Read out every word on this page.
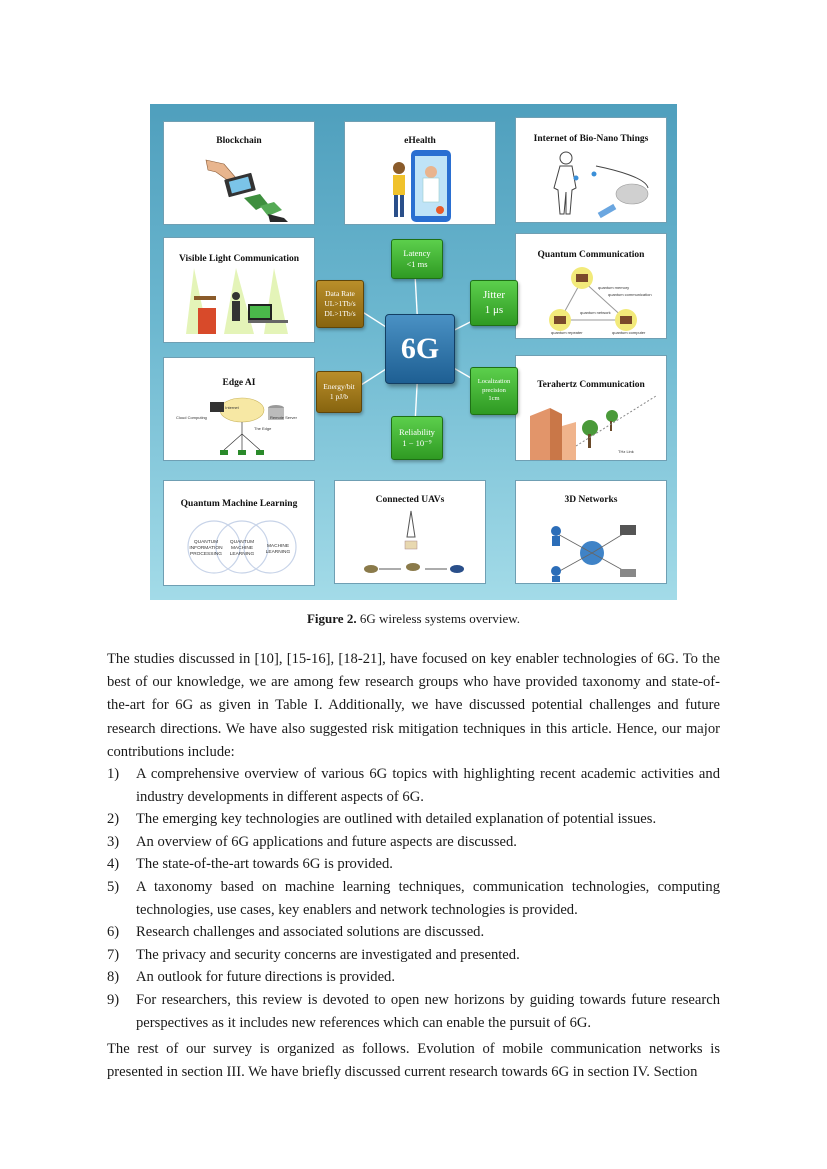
Blockchain	eHealth	Internet of Bio-Nano Things
Visible Light Communication	Quantum Communication
Edge AI	Terahertz Communication
Quantum Machine Learning
QUANTUM
INFORMATION
PROCESSING
QUANTUM
MACHINE
LEARNING
MACHINE
LEARNING
Connected UAVs	3D Networks
6G
Latency
<1 ms
Jitter
1 μs
Localization
precision
1cm
Reliability
1 − 10⁻⁹
Energy/bit
1 pJ/b
Data Rate
UL>1Tb/s
DL>1Tb/s
The Internet
Cloud Computing	Remote Server
The Edge
quantum memory
quantum communication
quantum network
quantum repeater	quantum computer
THz Link
Figure 2. 6G wireless systems overview.

The studies discussed in [10], [15-16], [18-21], have focused on key enabler technologies of 6G. To the best of our knowledge, we are among few research groups who have provided taxonomy and state-of-the-art for 6G as given in Table I. Additionally, we have discussed potential challenges and future research directions. We have also suggested risk mitigation techniques in this article. Hence, our major contributions include:

1) A comprehensive overview of various 6G topics with highlighting recent academic activities and industry developments in different aspects of 6G.
2) The emerging key technologies are outlined with detailed explanation of potential issues.
3) An overview of 6G applications and future aspects are discussed.
4) The state-of-the-art towards 6G is provided.
5) A taxonomy based on machine learning techniques, communication technologies, computing technologies, use cases, key enablers and network technologies is provided.
6) Research challenges and associated solutions are discussed.
7) The privacy and security concerns are investigated and presented.
8) An outlook for future directions is provided.
9) For researchers, this review is devoted to open new horizons by guiding towards future research perspectives as it includes new references which can enable the pursuit of 6G.

The rest of our survey is organized as follows. Evolution of mobile communication networks is presented in section III. We have briefly discussed current research towards 6G in section IV. Section
